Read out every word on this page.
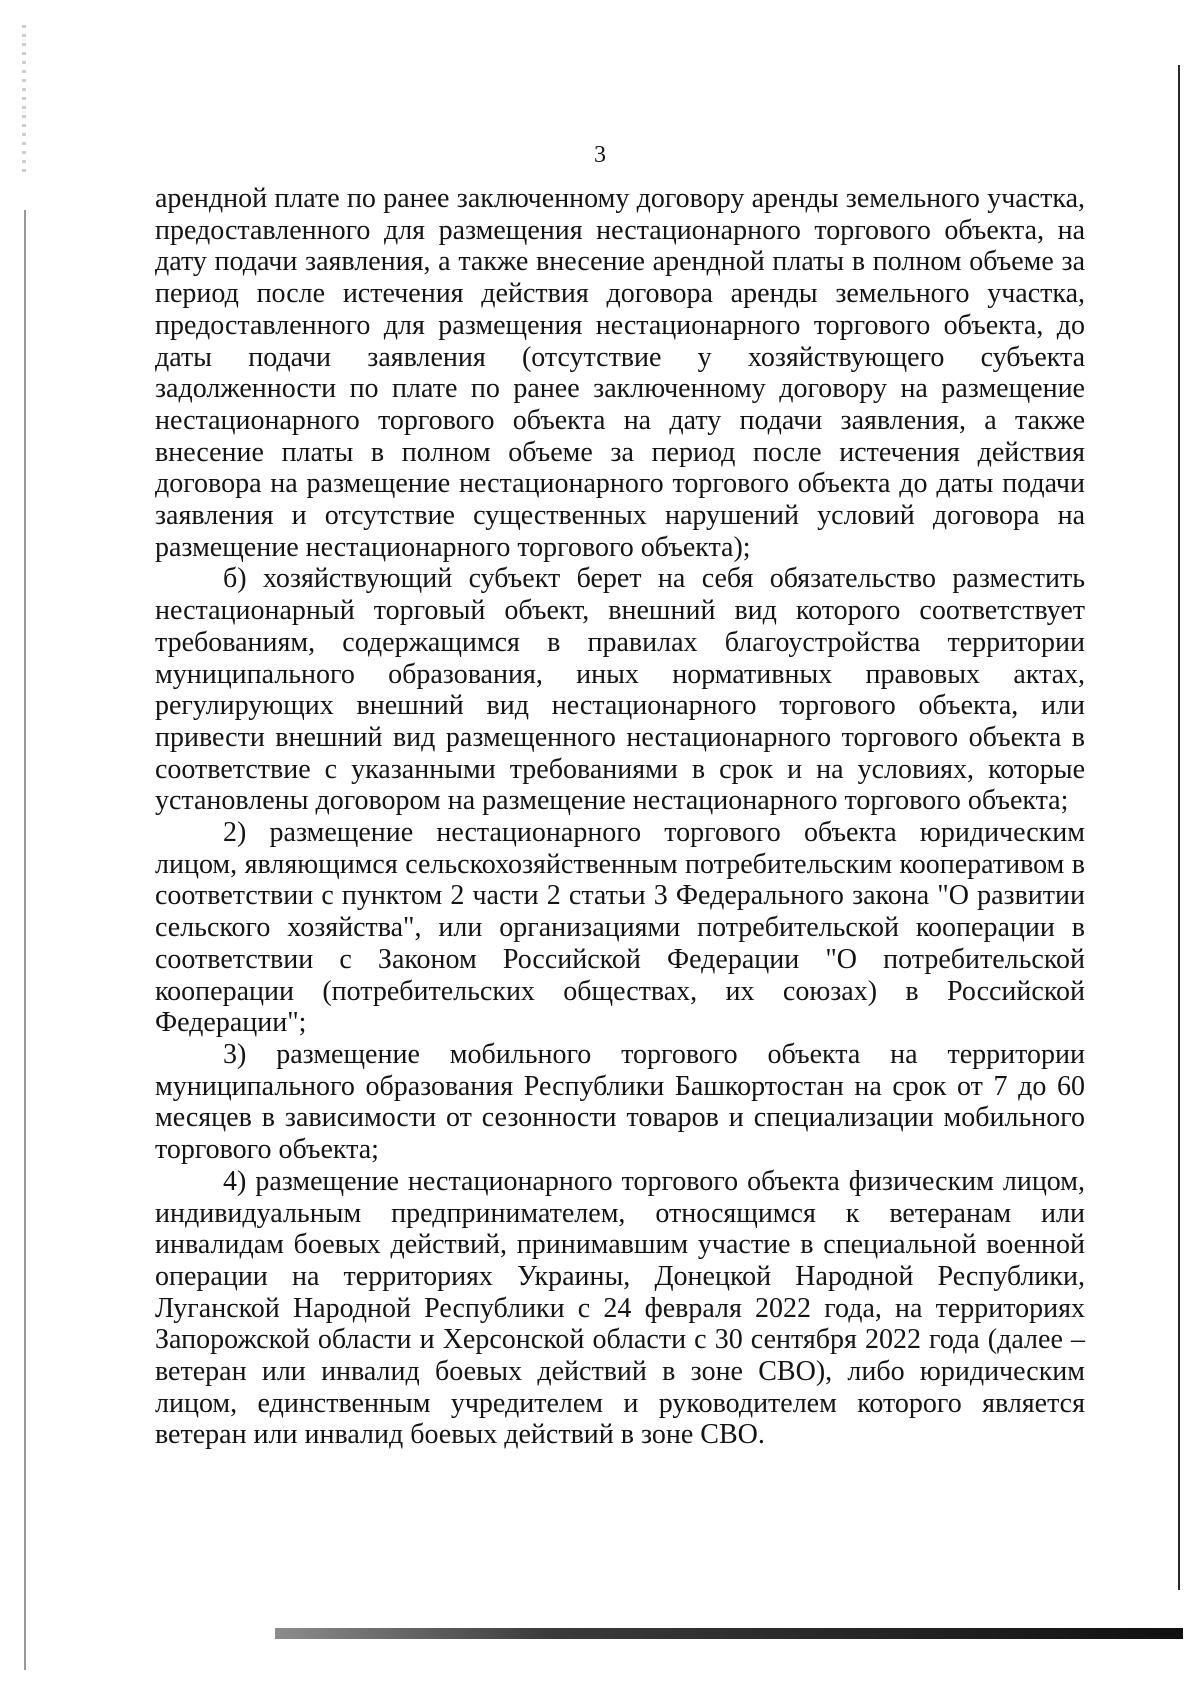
3

арендной плате по ранее заключенному договору аренды земельного участка, предоставленного для размещения нестационарного торгового объекта, на дату подачи заявления, а также внесение арендной платы в полном объеме за период после истечения действия договора аренды земельного участка, предоставленного для размещения нестационарного торгового объекта, до даты подачи заявления (отсутствие у хозяйствующего субъекта задолженности по плате по ранее заключенному договору на размещение нестационарного торгового объекта на дату подачи заявления, а также внесение платы в полном объеме за период после истечения действия договора на размещение нестационарного торгового объекта до даты подачи заявления и отсутствие существенных нарушений условий договора на размещение нестационарного торгового объекта);

б) хозяйствующий субъект берет на себя обязательство разместить нестационарный торговый объект, внешний вид которого соответствует требованиям, содержащимся в правилах благоустройства территории муниципального образования, иных нормативных правовых актах, регулирующих внешний вид нестационарного торгового объекта, или привести внешний вид размещенного нестационарного торгового объекта в соответствие с указанными требованиями в срок и на условиях, которые установлены договором на размещение нестационарного торгового объекта;

2) размещение нестационарного торгового объекта юридическим лицом, являющимся сельскохозяйственным потребительским кооперативом в соответствии с пунктом 2 части 2 статьи 3 Федерального закона "О развитии сельского хозяйства", или организациями потребительской кооперации в соответствии с Законом Российской Федерации "О потребительской кооперации (потребительских обществах, их союзах) в Российской Федерации";

3) размещение мобильного торгового объекта на территории муниципального образования Республики Башкортостан на срок от 7 до 60 месяцев в зависимости от сезонности товаров и специализации мобильного торгового объекта;

4) размещение нестационарного торгового объекта физическим лицом, индивидуальным предпринимателем, относящимся к ветеранам или инвалидам боевых действий, принимавшим участие в специальной военной операции на территориях Украины, Донецкой Народной Республики, Луганской Народной Республики с 24 февраля 2022 года, на территориях Запорожской области и Херсонской области с 30 сентября 2022 года (далее – ветеран или инвалид боевых действий в зоне СВО), либо юридическим лицом, единственным учредителем и руководителем которого является ветеран или инвалид боевых действий в зоне СВО.
